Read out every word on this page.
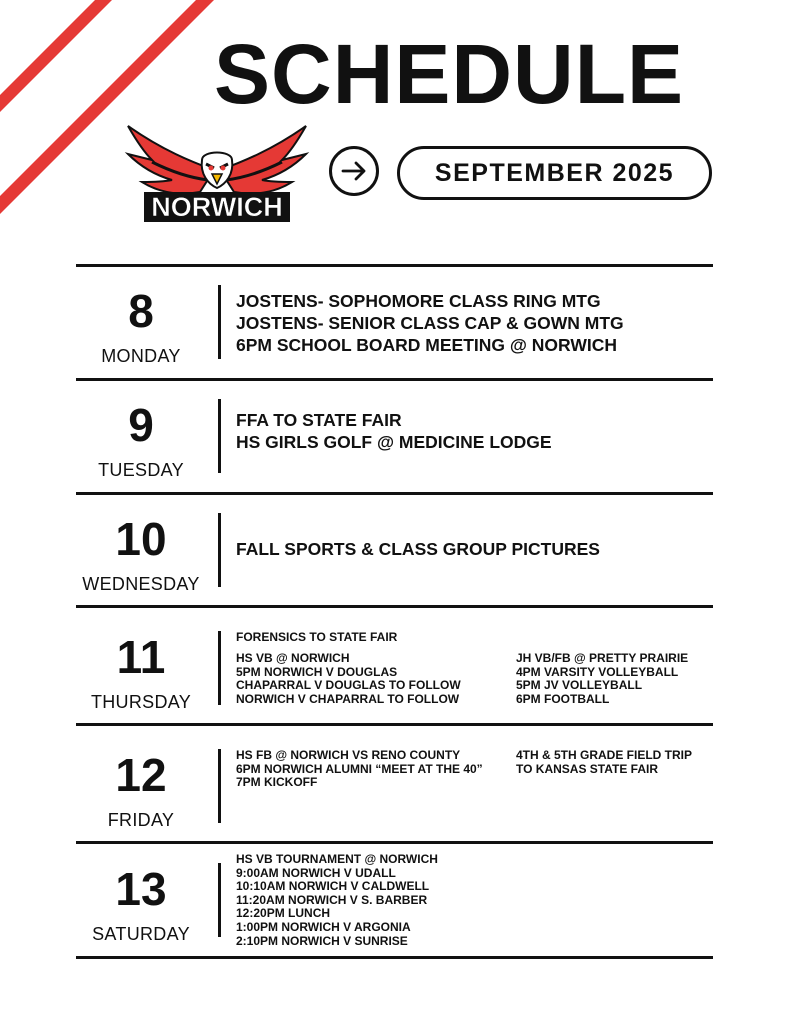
SCHEDULE
NORWICH
SEPTEMBER 2025
8
MONDAY
JOSTENS- SOPHOMORE CLASS RING MTG
JOSTENS- SENIOR CLASS CAP & GOWN MTG
6PM SCHOOL BOARD MEETING @ NORWICH
9
TUESDAY
FFA TO STATE FAIR
HS GIRLS GOLF @ MEDICINE LODGE
10
WEDNESDAY
FALL SPORTS & CLASS GROUP PICTURES
11
THURSDAY
FORENSICS TO STATE FAIR
HS VB @ NORWICH
5PM NORWICH V DOUGLAS
CHAPARRAL V DOUGLAS TO FOLLOW
NORWICH V CHAPARRAL TO FOLLOW
JH VB/FB @ PRETTY PRAIRIE
4PM VARSITY VOLLEYBALL
5PM JV VOLLEYBALL
6PM FOOTBALL
12
FRIDAY
HS FB @ NORWICH VS RENO COUNTY
6PM NORWICH ALUMNI “MEET AT THE 40”
7PM KICKOFF
4TH & 5TH GRADE FIELD TRIP TO KANSAS STATE FAIR
13
SATURDAY
HS VB TOURNAMENT @ NORWICH
9:00AM NORWICH V UDALL
10:10AM NORWICH V CALDWELL
11:20AM NORWICH V S. BARBER
12:20PM LUNCH
1:00PM NORWICH V ARGONIA
2:10PM NORWICH V SUNRISE
